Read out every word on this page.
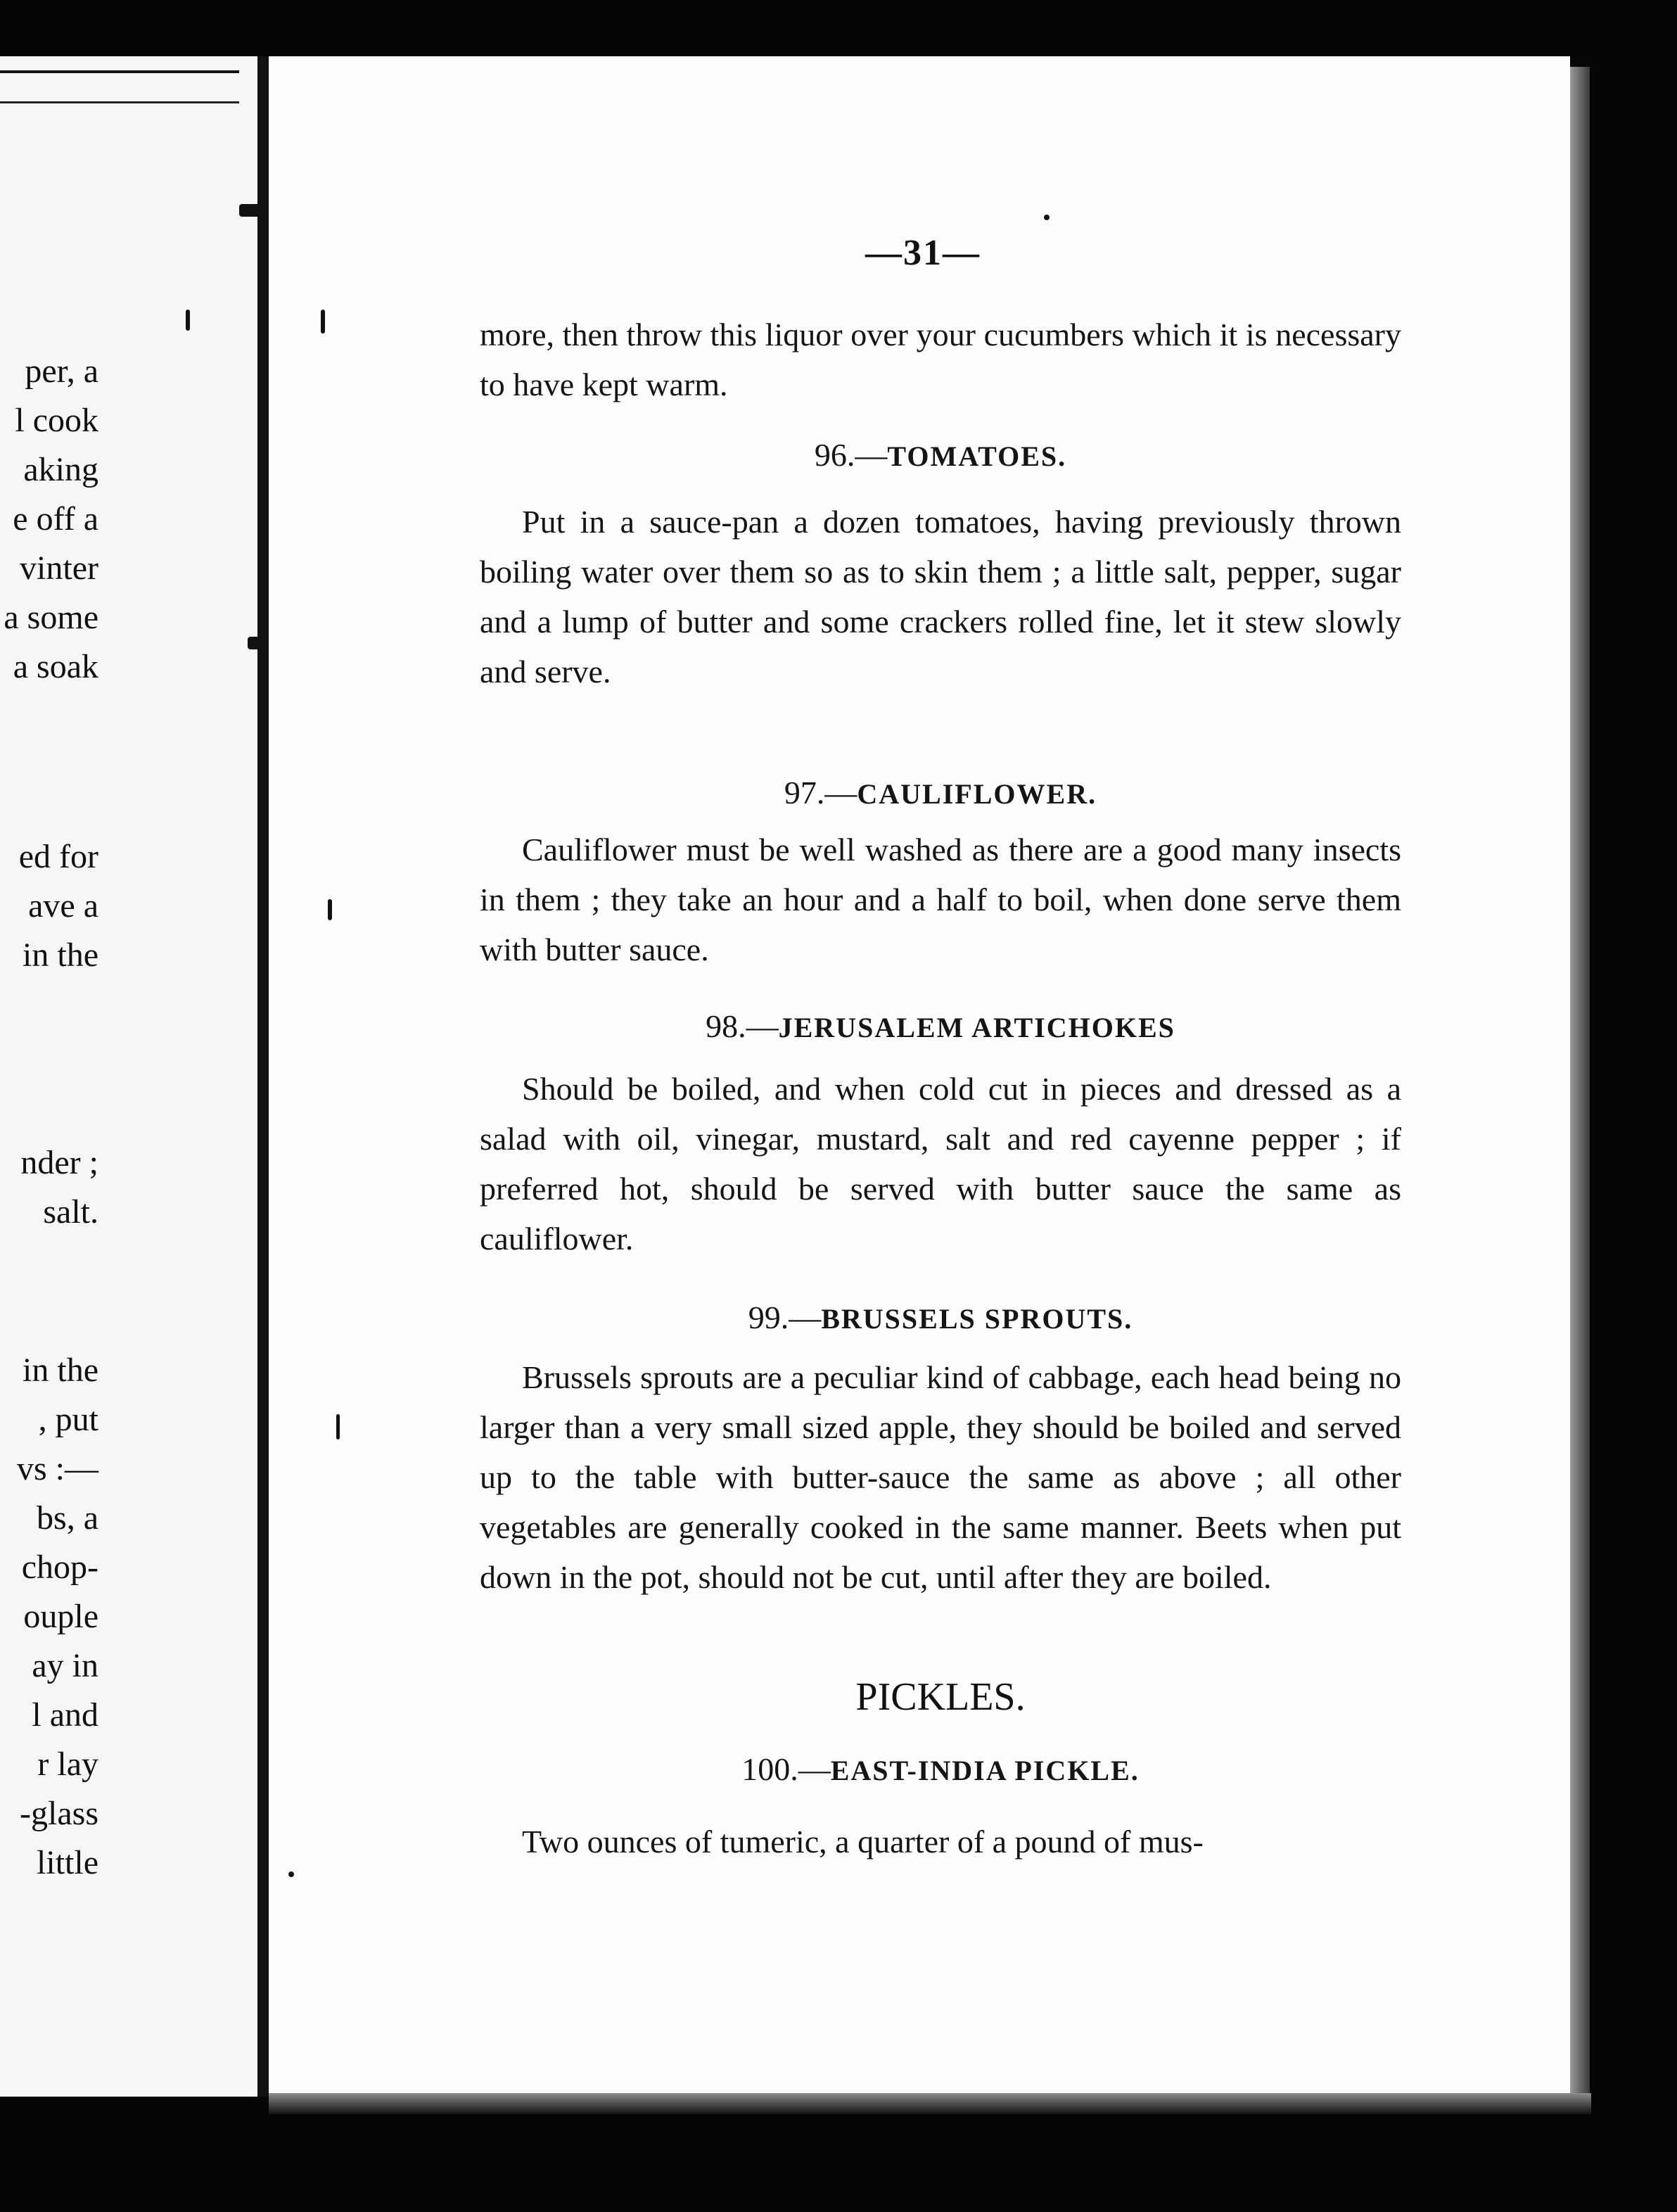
per, a
l cook
aking
e off a
vinter
a some
a soak
ed for
ave a
in the
nder ;
salt.
in the
, put
vs :—
bs, a
chop-
ouple
ay in
l and
r lay
-glass
little
—31—
more, then throw this liquor over your cucumbers which it is necessary to have kept warm.
96.—TOMATOES.
Put in a sauce-pan a dozen tomatoes, having previously thrown boiling water over them so as to skin them ; a little salt, pepper, sugar and a lump of butter and some crackers rolled fine, let it stew slowly and serve.
97.—CAULIFLOWER.
Cauliflower must be well washed as there are a good many insects in them ; they take an hour and a half to boil, when done serve them with butter sauce.
98.—JERUSALEM ARTICHOKES
Should be boiled, and when cold cut in pieces and dressed as a salad with oil, vinegar, mustard, salt and red cayenne pepper ; if preferred hot, should be served with butter sauce the same as cauliflower.
99.—BRUSSELS SPROUTS.
Brussels sprouts are a peculiar kind of cabbage, each head being no larger than a very small sized apple, they should be boiled and served up to the table with butter-sauce the same as above ; all other vegetables are generally cooked in the same manner. Beets when put down in the pot, should not be cut, until after they are boiled.
PICKLES.
100.—EAST-INDIA PICKLE.
Two ounces of tumeric, a quarter of a pound of mus-
